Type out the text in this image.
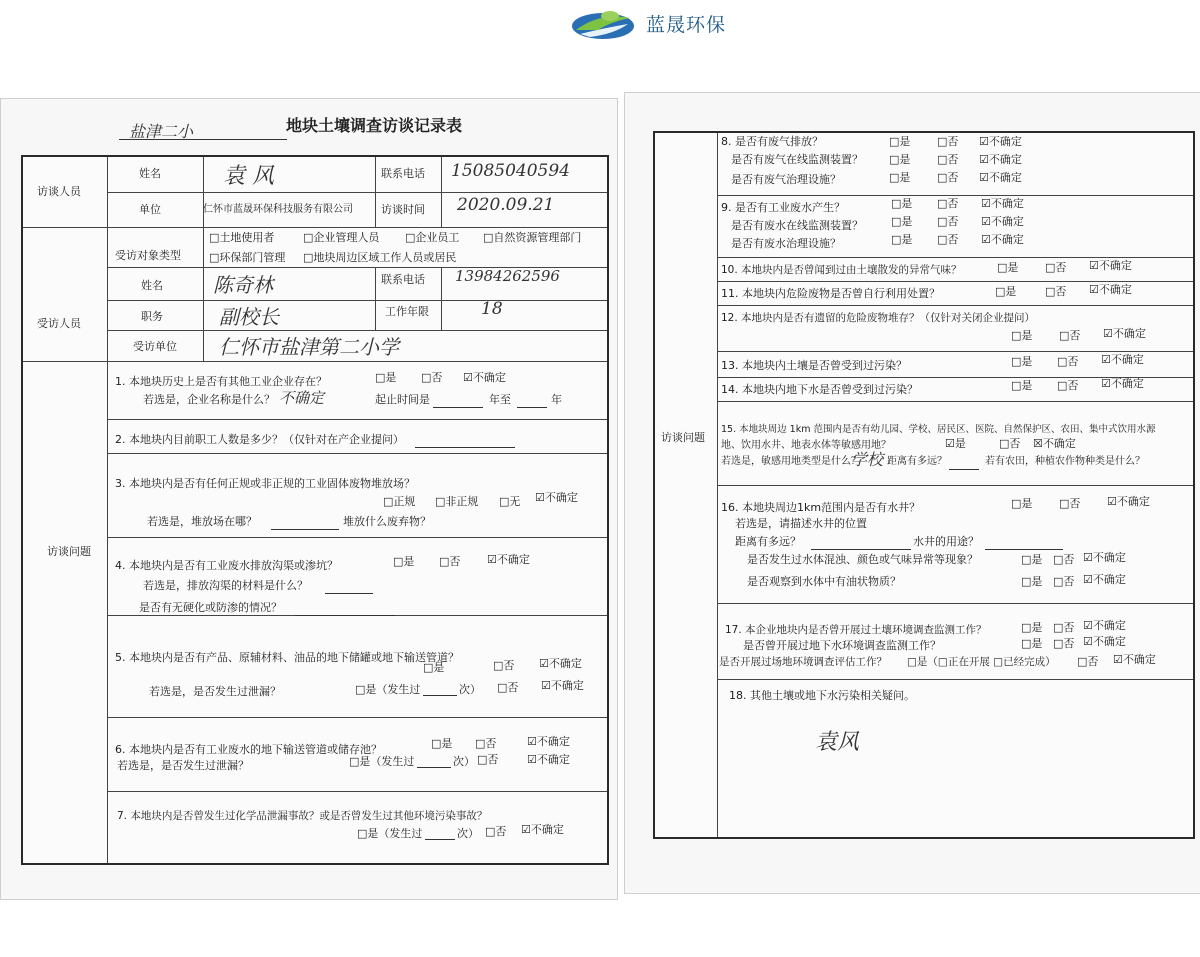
蓝晟环保
盐津二小	地块土壤调查访谈记录表
访谈人员
姓名	袁 风	联系电话 15085040594
单位	仁怀市蓝晟环保科技服务有限公司	访谈时间 2020.09.21
受访人员
受访对象类型
□土地使用者	□企业管理人员 □企业员工 □自然资源管理部门
□环保部门管理 □地块周边区域工作人员或居民
姓名	陈奇林	联系电话 13984262596
职务	副校长	工作年限	18
受访单位 仁怀市盐津第二小学
访谈问题
1. 本地块历史上是否有其他工业企业存在？	□是 □否 ☑不确定
若选是，企业名称是什么？ 不确定	起止时间是	年至	年
2. 本地块内目前职工人数是多少？（仅针对在产企业提问）
3. 本地块内是否有任何正规或非正规的工业固体废物堆放场？
□正规 □非正规 □无 ☑不确定
若选是，堆放场在哪？	堆放什么废弃物？
4. 本地块内是否有工业废水排放沟渠或渗坑？	□是 □否 ☑不确定
若选是，排放沟渠的材料是什么？
是否有无硬化或防渗的情况？
5. 本地块内是否有产品、原辅材料、油品的地下储罐或地下输送管道？
□是	□否 ☑不确定
若选是，是否发生过泄漏？	□是（发生过	次） □否 ☑不确定
6. 本地块内是否有工业废水的地下输送管道或储存池？	□是 □否	☑不确定
若选是，是否发生过泄漏？	□是（发生过	次） □否	☑不确定
7. 本地块内是否曾发生过化学品泄漏事故？或是否曾发生过其他环境污染事故？
□是（发生过	次） □否 ☑不确定
访谈问题
8. 是否有废气排放？	□是 □否 ☑不确定
是否有废气在线监测装置？ □是 □否 ☑不确定
是否有废气治理设施？	□是 □否 ☑不确定
9. 是否有工业废水产生？	□是 □否 ☑不确定
是否有废水在线监测装置？	□是 □否 ☑不确定
是否有废水治理设施？	□是 □否 ☑不确定
10. 本地块内是否曾闻到过由土壤散发的异常气味？	□是 □否 ☑不确定
11. 本地块内危险废物是否曾自行利用处置？	□是	□否 ☑不确定
12. 本地块内是否有遗留的危险废物堆存？（仅针对关闭企业提问）
□是 □否 ☑不确定
13. 本地块内土壤是否曾受到过污染？	□是 □否 ☑不确定
14. 本地块内地下水是否曾受到过污染？	□是 □否 ☑不确定
15. 本地块周边 1km 范围内是否有幼儿园、学校、居民区、医院、自然保护区、农田、集中式饮用水源
地、饮用水井、地表水体等敏感用地？	☑是	□否 ☒不确定
若选是，敏感用地类型是什么？
学校 距离有多远？	若有农田，种植农作物种类是什么？
16. 本地块周边1km范围内是否有水井？	□是 □否 ☑不确定
若选是，请描述水井的位置
距离有多远？	水井的用途？
是否发生过水体混浊、颜色或气味异常等现象？	□是 □否 ☑不确定
是否观察到水体中有油状物质？	□是 □否 ☑不确定
17. 本企业地块内是否曾开展过土壤环境调查监测工作？	□是 □否 ☑不确定
是否曾开展过地下水环境调查监测工作？	□是 □否 ☑不确定
是否开展过场地环境调查评估工作？ □是（□正在开展 □已经完成） □否 ☑不确定
18. 其他土壤或地下水污染相关疑问。
袁风
